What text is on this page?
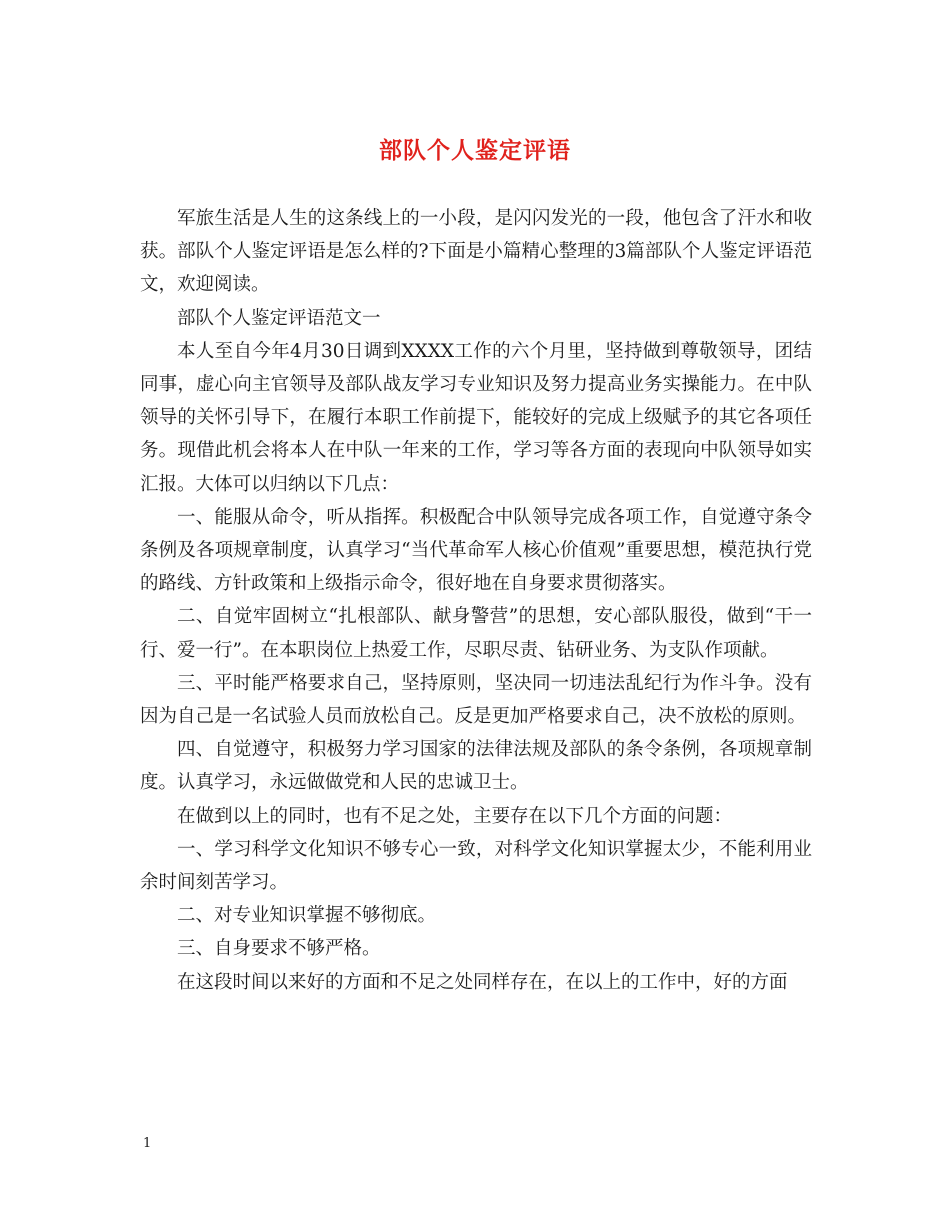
部队个人鉴定评语

军旅生活是人生的这条线上的一小段，是闪闪发光的一段，他包含了汗水和收获。部队个人鉴定评语是怎么样的?下面是小篇精心整理的3篇部队个人鉴定评语范文，欢迎阅读。

部队个人鉴定评语范文一

本人至自今年4月30日调到XXXX工作的六个月里，坚持做到尊敬领导，团结同事，虚心向主官领导及部队战友学习专业知识及努力提高业务实操能力。在中队领导的关怀引导下，在履行本职工作前提下，能较好的完成上级赋予的其它各项任务。现借此机会将本人在中队一年来的工作，学习等各方面的表现向中队领导如实汇报。大体可以归纳以下几点：

一、能服从命令，听从指挥。积极配合中队领导完成各项工作，自觉遵守条令条例及各项规章制度，认真学习“当代革命军人核心价值观”重要思想，模范执行党的路线、方针政策和上级指示命令，很好地在自身要求贯彻落实。

二、自觉牢固树立“扎根部队、献身警营”的思想，安心部队服役，做到“干一行、爱一行”。在本职岗位上热爱工作，尽职尽责、钻研业务、为支队作项献。

三、平时能严格要求自己，坚持原则，坚决同一切违法乱纪行为作斗争。没有因为自己是一名试验人员而放松自己。反是更加严格要求自己，决不放松的原则。

四、自觉遵守，积极努力学习国家的法律法规及部队的条令条例，各项规章制度。认真学习，永远做做党和人民的忠诚卫士。

在做到以上的同时，也有不足之处，主要存在以下几个方面的问题：

一、学习科学文化知识不够专心一致，对科学文化知识掌握太少，不能利用业余时间刻苦学习。

二、对专业知识掌握不够彻底。

三、自身要求不够严格。

在这段时间以来好的方面和不足之处同样存在，在以上的工作中，好的方面

1
